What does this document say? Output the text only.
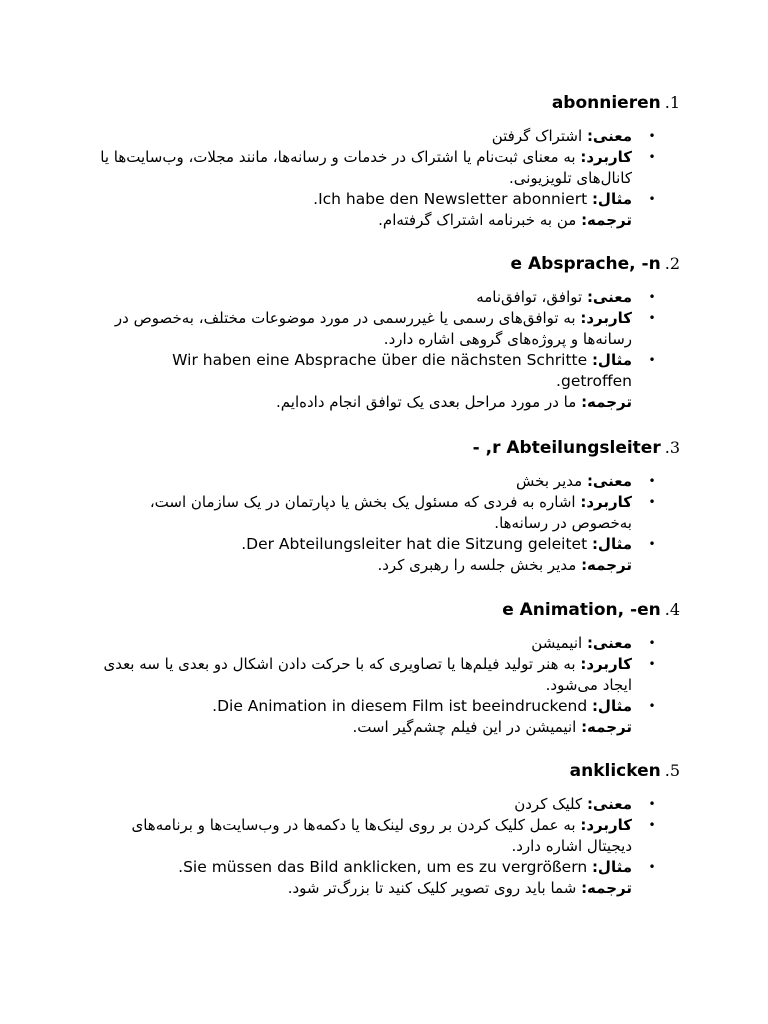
1.abonnieren
•
معنی: اشتراک گرفتن
•
کاربرد: به معنای ثبت‌نام یا اشتراک در خدمات و رسانه‌ها، مانند مجلات، وب‌سایت‌ها یا کانال‌های تلویزیونی.
•
مثال: Ich habe den Newsletter abonniert.
ترجمه: من به خبرنامه اشتراک گرفته‌ام.
2.e Absprache, -n
•
معنی: توافق، توافق‌نامه
•
کاربرد: به توافق‌های رسمی یا غیررسمی در مورد موضوعات مختلف، به‌خصوص در رسانه‌ها و پروژه‌های گروهی اشاره دارد.
•
مثال: Wir haben eine Absprache über die nächsten Schritte getroffen.
ترجمه: ما در مورد مراحل بعدی یک توافق انجام داده‌ایم.
3.r Abteilungsleiter, -
•
معنی: مدیر بخش
•
کاربرد: اشاره به فردی که مسئول یک بخش یا دپارتمان در یک سازمان است، به‌خصوص در رسانه‌ها.
•
مثال: Der Abteilungsleiter hat die Sitzung geleitet.
ترجمه: مدیر بخش جلسه را رهبری کرد.
4.e Animation, -en
•
معنی: انیمیشن
•
کاربرد: به هنر تولید فیلم‌ها یا تصاویری که با حرکت دادن اشکال دو بعدی یا سه بعدی ایجاد می‌شود.
•
مثال: Die Animation in diesem Film ist beeindruckend.
ترجمه: انیمیشن در این فیلم چشم‌گیر است.
5.anklicken
•
معنی: کلیک کردن
•
کاربرد: به عمل کلیک کردن بر روی لینک‌ها یا دکمه‌ها در وب‌سایت‌ها و برنامه‌های دیجیتال اشاره دارد.
•
مثال: Sie müssen das Bild anklicken, um es zu vergrößern.
ترجمه: شما باید روی تصویر کلیک کنید تا بزرگ‌تر شود.
